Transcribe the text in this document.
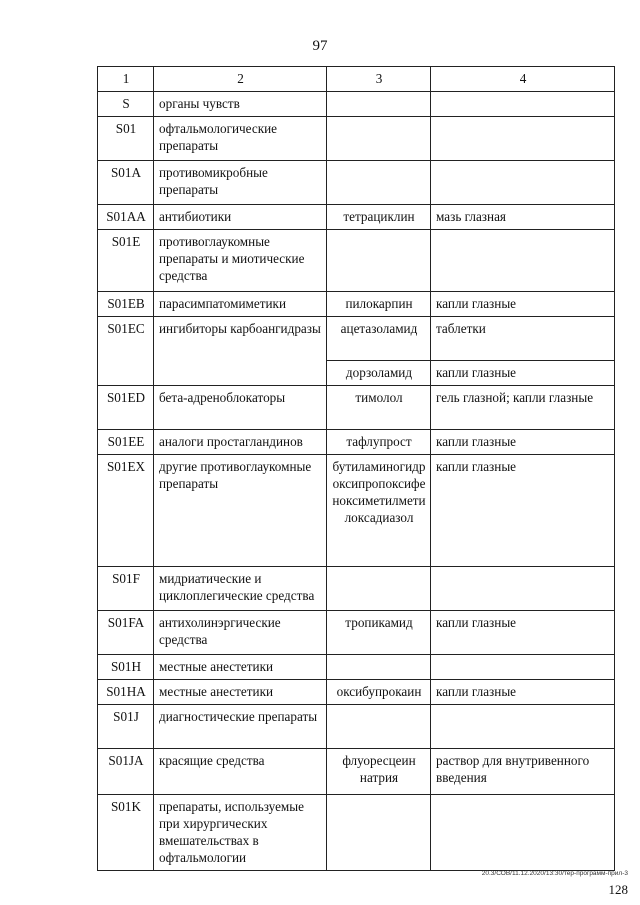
97
1	2	3	4
S	органы чувств		
S01	офтальмологические препараты		
S01A	противомикробные препараты		
S01AA	антибиотики	тетрациклин	мазь глазная
S01E	противоглаукомные препараты и миотические средства		
S01EB	парасимпатомиметики	пилокарпин	капли глазные
S01EC	ингибиторы карбоангидразы	ацетазоламид	таблетки
		дорзоламид	капли глазные
S01ED	бета-адреноблокаторы	тимолол	гель глазной; капли глазные
S01EE	аналоги простагландинов	тафлупрост	капли глазные
S01EX	другие противоглаукомные препараты	бутиламиногидроксипропоксифеноксиметилметилоксадиазол	капли глазные
S01F	мидриатические и циклоплегические средства		
S01FA	антихолинэргические средства	тропикамид	капли глазные
S01H	местные анестетики		
S01HA	местные анестетики	оксибупрокаин	капли глазные
S01J	диагностические препараты		
S01JA	красящие средства	флуоресцеин натрия	раствор для внутривенного введения
S01K	препараты, используемые при хирургических вмешательствах в офтальмологии		
20.3/СОВ/11.12.2020/13:30/тер-программ-прил-3
128
